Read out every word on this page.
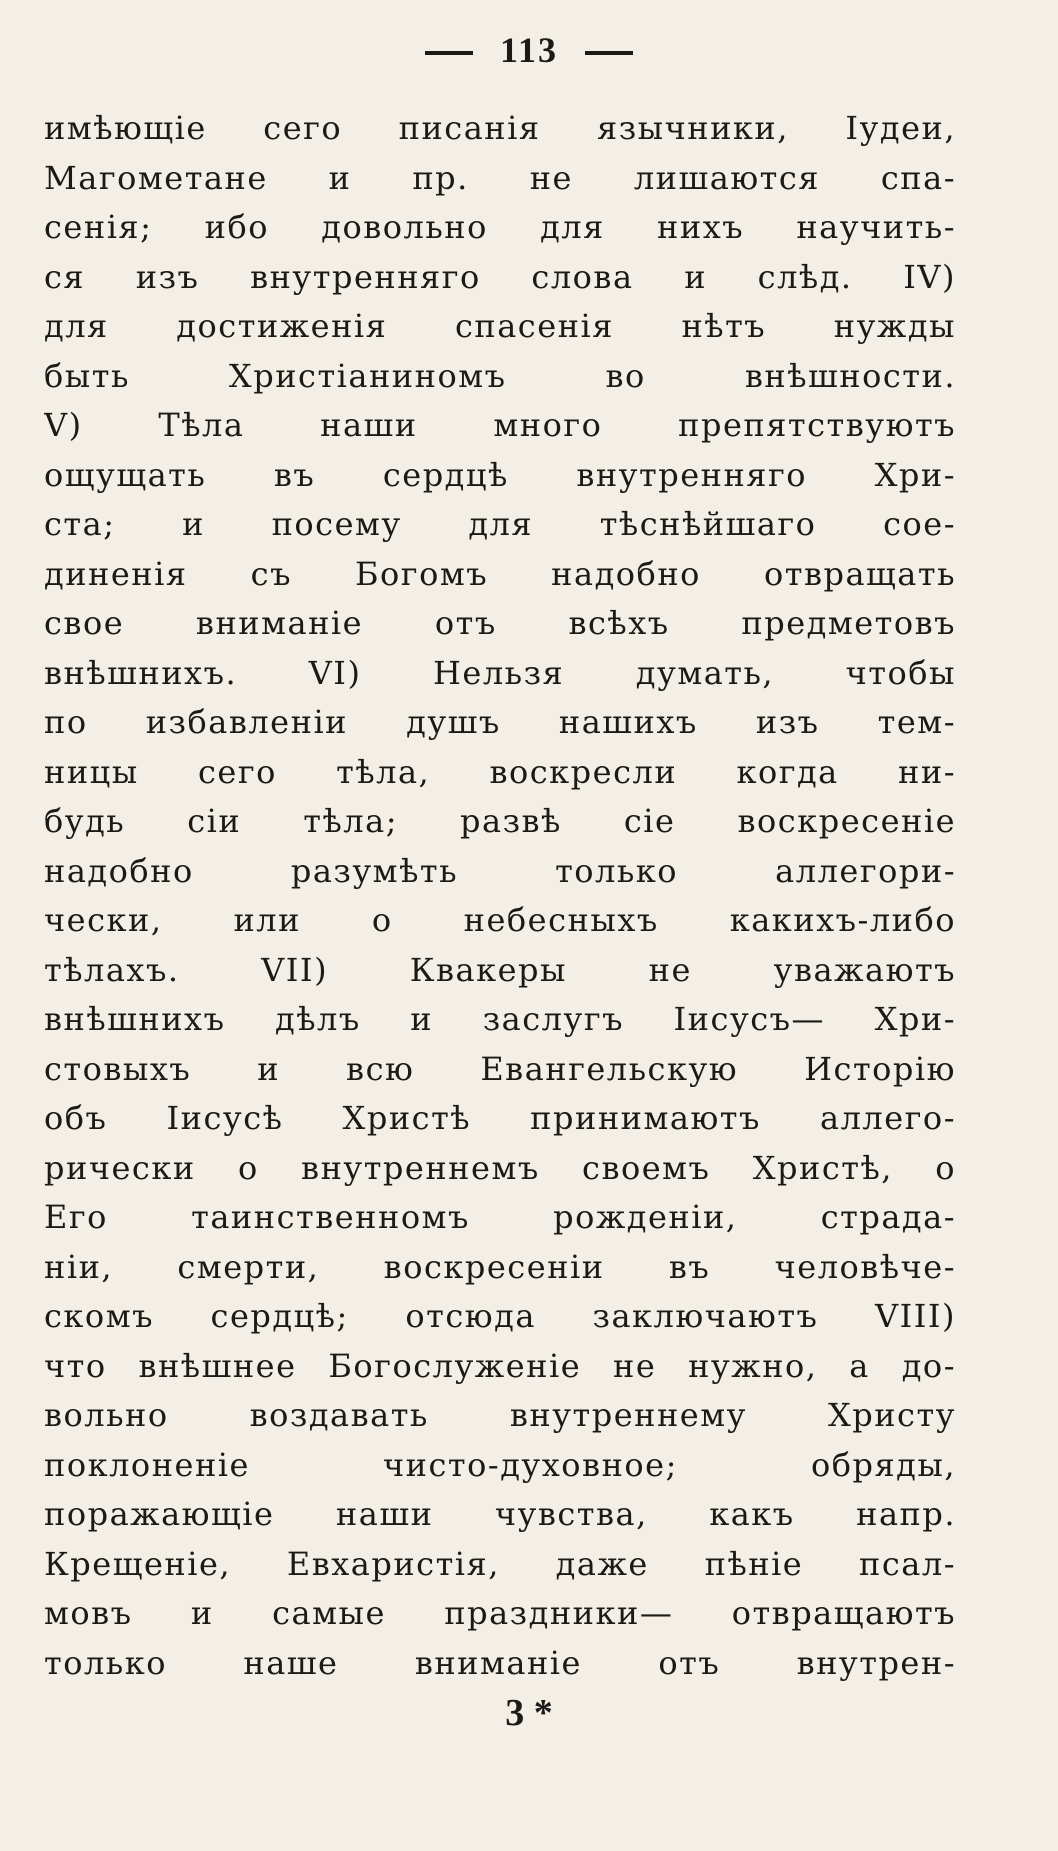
113
имѣющіе сего писанія язычники, Іудеи,
Магометане и пр. не лишаются спа-
сенія; ибо довольно для нихъ научить-
ся изъ внутренняго слова и слѣд. IV)
для достиженія спасенія нѣтъ нужды
быть Христіаниномъ во внѣшности.
V) Тѣла наши много препятствуютъ
ощущать въ сердцѣ внутренняго Хри-
ста; и посему для тѣснѣйшаго сое-
диненія съ Богомъ надобно отвращать
свое вниманіе отъ всѣхъ предметовъ
внѣшнихъ. VI) Нельзя думать, чтобы
по избавленіи душъ нашихъ изъ тем-
ницы сего тѣла, воскресли когда ни-
будь сіи тѣла; развѣ сіе воскресеніе
надобно разумѣть только аллегори-
чески, или о небесныхъ какихъ-либо
тѣлахъ. VII) Квакеры не уважаютъ
внѣшнихъ дѣлъ и заслугъ Іисусъ— Хри-
стовыхъ и всю Евангельскую Исторію
объ Іисусѣ Христѣ принимаютъ аллего-
рически о внутреннемъ своемъ Христѣ, о
Его таинственномъ рожденіи, страда-
ніи, смерти, воскресеніи въ человѣче-
скомъ сердцѣ; отсюда заключаютъ VIII)
что внѣшнее Богослуженіе не нужно, а до-
вольно воздавать внутреннему Христу
поклоненіе чисто-духовное; обряды,
поражающіе наши чувства, какъ напр.
Крещеніе, Евхаристія, даже пѣніе псал-
мовъ и самые праздники— отвращаютъ
только наше вниманіе отъ внутрен-
3 *
